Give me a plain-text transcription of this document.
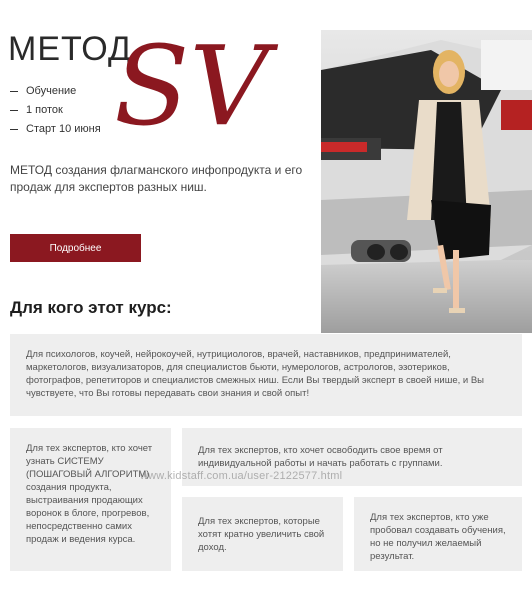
МЕТОД
SV
Обучение
1 поток
Старт 10 июня
МЕТОД создания флагманского инфопродукта и его продаж для экспертов разных ниш.
Подробнее
Для кого этот курс:
Для психологов, коучей, нейрокоучей, нутрициологов, врачей, наставников, предпринимателей, маркетологов, визуализаторов, для специалистов бьюти, нумерологов, астрологов, эзотериков, фотографов, репетиторов и специалистов смежных ниш. Если Вы твердый эксперт в своей нише, и Вы чувствуете, что Вы готовы передавать свои знания и свой опыт!
Для тех экспертов, кто хочет узнать СИСТЕМУ (ПОШАГОВЫЙ АЛГОРИТМ) создания продукта, выстраивания продающих воронок в блоге, прогревов, непосредственно самих продаж и ведения курса.
Для тех экспертов, кто хочет освободить свое время от индивидуальной работы и начать работать с группами.
Для тех экспертов, которые хотят кратно увеличить свой доход.
Для тех экспертов, кто уже пробовал создавать обучения, но не получил желаемый результат.
www.kidstaff.com.ua/user-2122577.html
